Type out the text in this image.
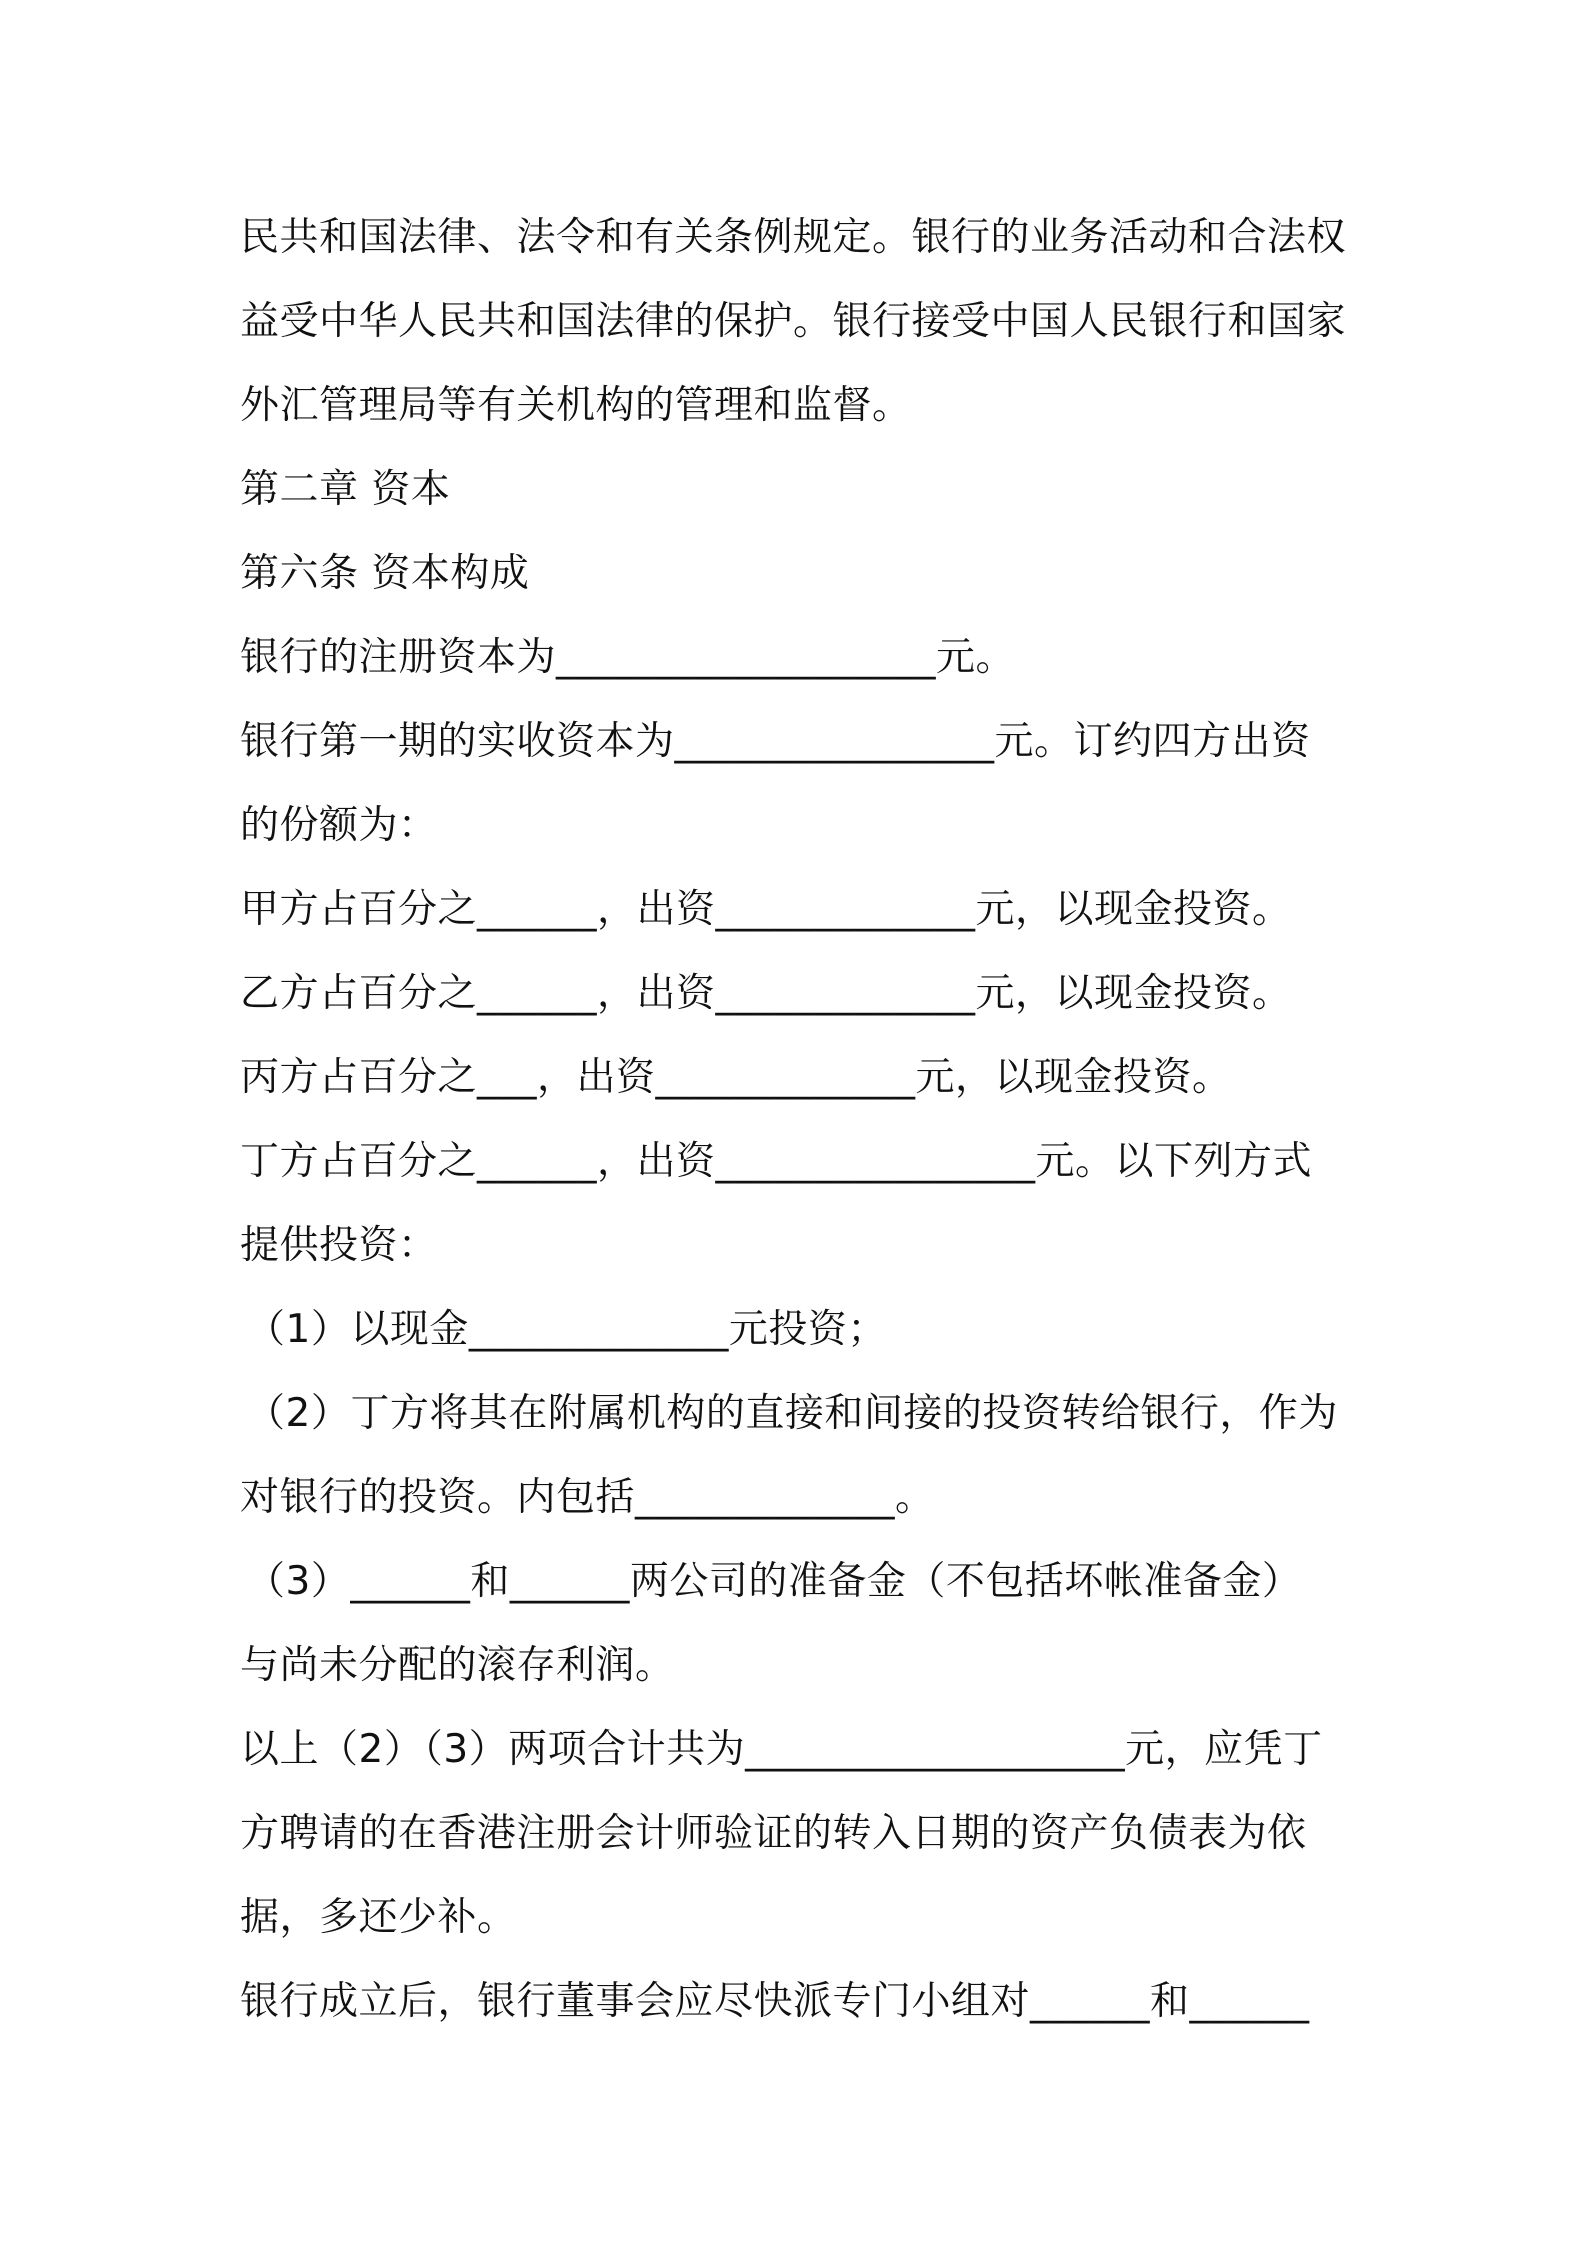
民共和国法律、法令和有关条例规定。银行的业务活动和合法权
益受中华人民共和国法律的保护。银行接受中国人民银行和国家
外汇管理局等有关机构的管理和监督。
第二章 资本
第六条 资本构成
银行的注册资本为___________________元。
银行第一期的实收资本为________________元。订约四方出资
的份额为：
甲方占百分之______，出资_____________元，以现金投资。
乙方占百分之______，出资_____________元，以现金投资。
丙方占百分之___，出资_____________元，以现金投资。
丁方占百分之______，出资________________元。以下列方式
提供投资：
（1）以现金_____________元投资；
（2）丁方将其在附属机构的直接和间接的投资转给银行，作为
对银行的投资。内包括_____________。
（3）______和______两公司的准备金（不包括坏帐准备金）
与尚未分配的滚存利润。
以上（2）（3）两项合计共为___________________元，应凭丁
方聘请的在香港注册会计师验证的转入日期的资产负债表为依
据，多还少补。
银行成立后，银行董事会应尽快派专门小组对______和______
